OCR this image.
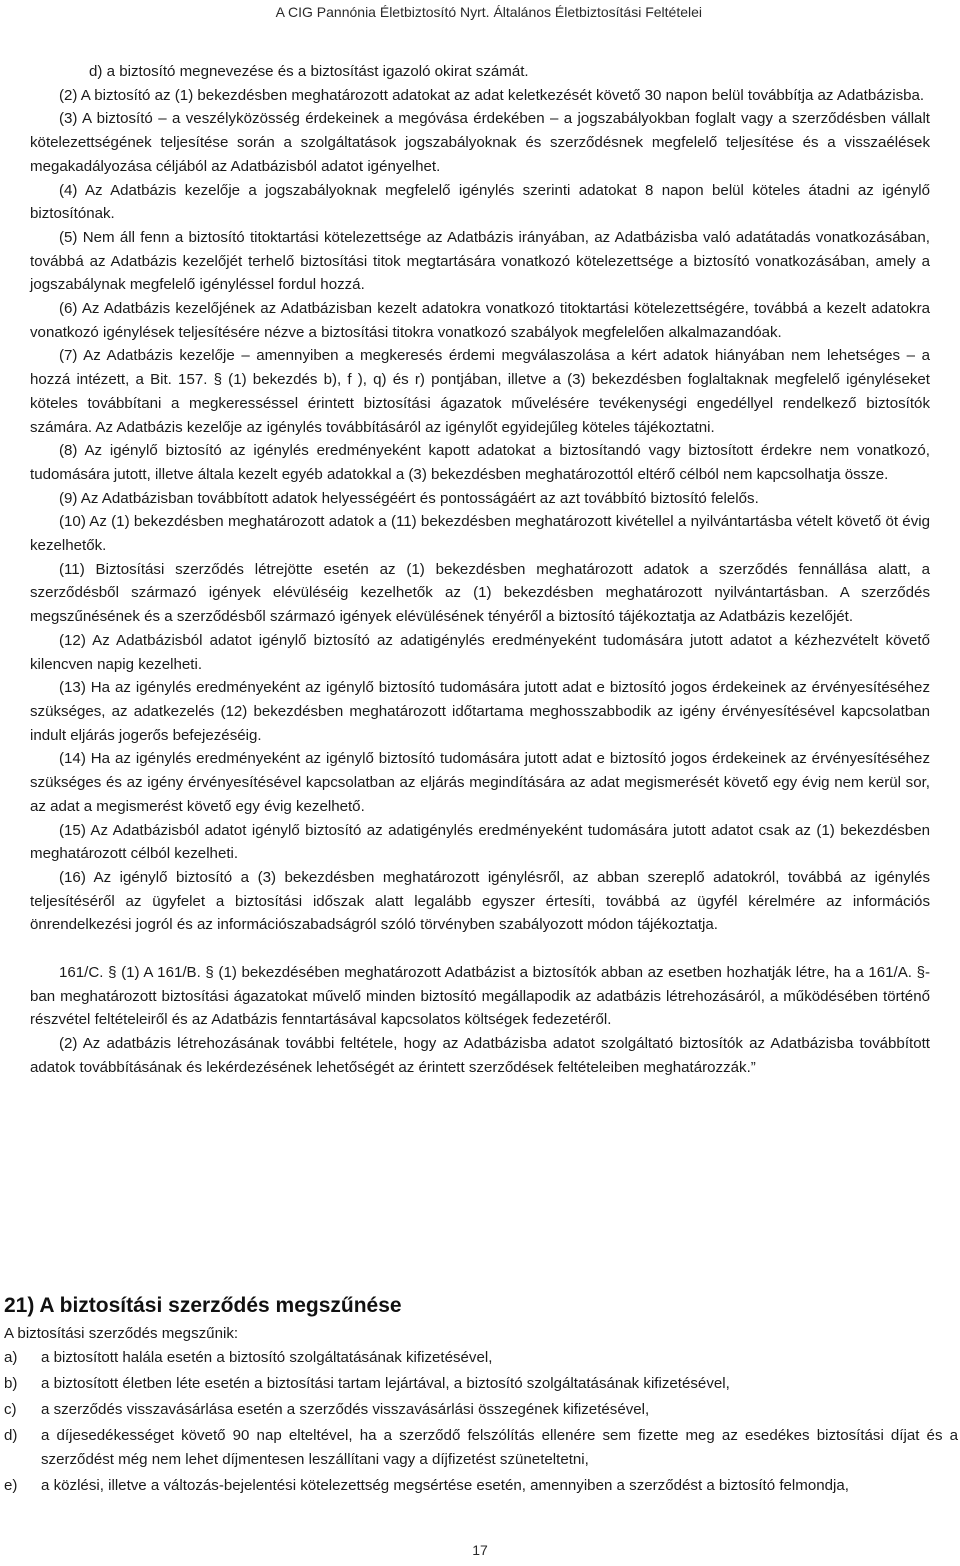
A CIG Pannónia Életbiztosító Nyrt. Általános Életbiztosítási Feltételei

d) a biztosító megnevezése és a biztosítást igazoló okirat számát.

(2) A biztosító az (1) bekezdésben meghatározott adatokat az adat keletkezését követő 30 napon belül továbbítja az Adatbázisba.

(3) A biztosító – a veszélyközösség érdekeinek a megóvása érdekében – a jogszabályokban foglalt vagy a szerződésben vállalt kötelezettségének teljesítése során a szolgáltatások jogszabályoknak és szerződésnek megfelelő teljesítése és a visszaélések megakadályozása céljából az Adatbázisból adatot igényelhet.

(4) Az Adatbázis kezelője a jogszabályoknak megfelelő igénylés szerinti adatokat 8 napon belül köteles átadni az igénylő biztosítónak.

(5) Nem áll fenn a biztosító titoktartási kötelezettsége az Adatbázis irányában, az Adatbázisba való adatátadás vonatkozásában, továbbá az Adatbázis kezelőjét terhelő biztosítási titok megtartására vonatkozó kötelezettsége a biztosító vonatkozásában, amely a jogszabálynak megfelelő igényléssel fordul hozzá.

(6) Az Adatbázis kezelőjének az Adatbázisban kezelt adatokra vonatkozó titoktartási kötelezettségére, továbbá a kezelt adatokra vonatkozó igénylések teljesítésére nézve a biztosítási titokra vonatkozó szabályok megfelelően alkalmazandóak.

(7) Az Adatbázis kezelője – amennyiben a megkeresés érdemi megválaszolása a kért adatok hiányában nem lehetséges – a hozzá intézett, a Bit. 157. § (1) bekezdés b), f ), q) és r) pontjában, illetve a (3) bekezdésben foglaltaknak megfelelő igényléseket köteles továbbítani a megkeresséssel érintett biztosítási ágazatok művelésére tevékenységi engedéllyel rendelkező biztosítók számára. Az Adatbázis kezelője az igénylés továbbításáról az igénylőt egyidejűleg köteles tájékoztatni.

(8) Az igénylő biztosító az igénylés eredményeként kapott adatokat a biztosítandó vagy biztosított érdekre nem vonatkozó, tudomására jutott, illetve általa kezelt egyéb adatokkal a (3) bekezdésben meghatározottól eltérő célból nem kapcsolhatja össze.

(9) Az Adatbázisban továbbított adatok helyességéért és pontosságáért az azt továbbító biztosító felelős.

(10) Az (1) bekezdésben meghatározott adatok a (11) bekezdésben meghatározott kivétellel a nyilvántartásba vételt követő öt évig kezelhetők.

(11) Biztosítási szerződés létrejötte esetén az (1) bekezdésben meghatározott adatok a szerződés fennállása alatt, a szerződésből származó igények elévüléséig kezelhetők az (1) bekezdésben meghatározott nyilvántartásban. A szerződés megszűnésének és a szerződésből származó igények elévülésének tényéről a biztosító tájékoztatja az Adatbázis kezelőjét.

(12) Az Adatbázisból adatot igénylő biztosító az adatigénylés eredményeként tudomására jutott adatot a kézhezvételt követő kilencven napig kezelheti.

(13) Ha az igénylés eredményeként az igénylő biztosító tudomására jutott adat e biztosító jogos érdekeinek az érvényesítéséhez szükséges, az adatkezelés (12) bekezdésben meghatározott időtartama meghosszabbodik az igény érvényesítésével kapcsolatban indult eljárás jogerős befejezéséig.

(14) Ha az igénylés eredményeként az igénylő biztosító tudomására jutott adat e biztosító jogos érdekeinek az érvényesítéséhez szükséges és az igény érvényesítésével kapcsolatban az eljárás megindítására az adat megismerését követő egy évig nem kerül sor, az adat a megismerést követő egy évig kezelhető.

(15) Az Adatbázisból adatot igénylő biztosító az adatigénylés eredményeként tudomására jutott adatot csak az (1) bekezdésben meghatározott célból kezelheti.

(16) Az igénylő biztosító a (3) bekezdésben meghatározott igénylésről, az abban szereplő adatokról, továbbá az igénylés teljesítéséről az ügyfelet a biztosítási időszak alatt legalább egyszer értesíti, továbbá az ügyfél kérelmére az információs önrendelkezési jogról és az információszabadságról szóló törvényben szabályozott módon tájékoztatja.

161/C. § (1) A 161/B. § (1) bekezdésében meghatározott Adatbázist a biztosítók abban az esetben hozhatják létre, ha a 161/A. §-ban meghatározott biztosítási ágazatokat művelő minden biztosító megállapodik az adatbázis létrehozásáról, a működésében történő részvétel feltételeiről és az Adatbázis fenntartásával kapcsolatos költségek fedezetéről.

(2) Az adatbázis létrehozásának további feltétele, hogy az Adatbázisba adatot szolgáltató biztosítók az Adatbázisba továbbított adatok továbbításának és lekérdezésének lehetőségét az érintett szerződések feltételeiben meghatározzák.”

21) A biztosítási szerződés megszűnése

A biztosítási szerződés megszűnik:

a)	a biztosított halála esetén a biztosító szolgáltatásának kifizetésével,
b)	a biztosított életben léte esetén a biztosítási tartam lejártával, a biztosító szolgáltatásának kifizetésével,
c)	a szerződés visszavásárlása esetén a szerződés visszavásárlási összegének kifizetésével,
d)	a díjesedékességet követő 90 nap elteltével, ha a szerződő felszólítás ellenére sem fizette meg az esedékes biztosítási díjat és a szerződést még nem lehet díjmentesen leszállítani vagy a díjfizetést szüneteltetni,
e)	a közlési, illetve a változás-bejelentési kötelezettség megsértése esetén, amennyiben a szerződést a biztosító felmondja,
17
